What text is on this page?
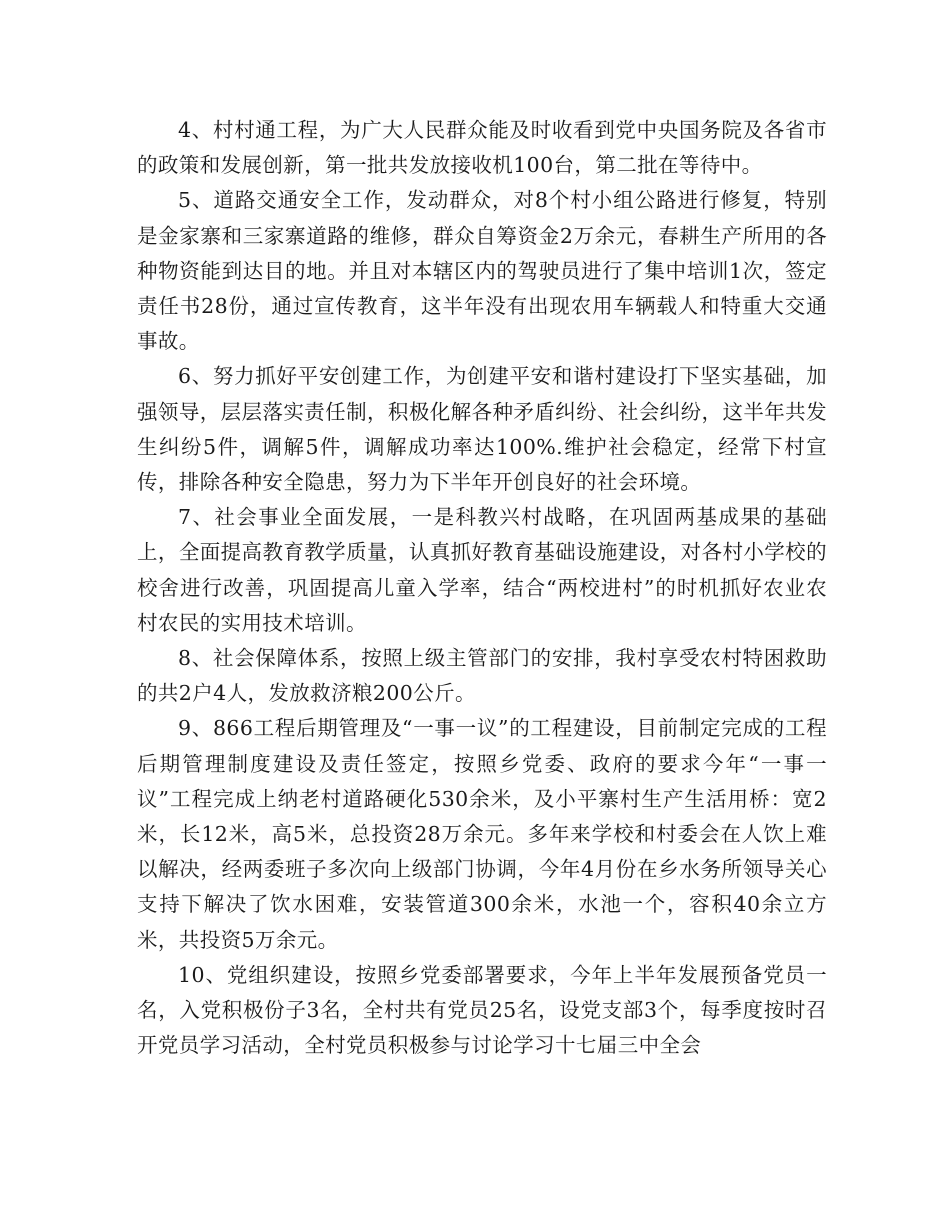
4、村村通工程，为广大人民群众能及时收看到党中央国务院及各省市的政策和发展创新，第一批共发放接收机100台，第二批在等待中。

5、道路交通安全工作，发动群众，对8个村小组公路进行修复，特别是金家寨和三家寨道路的维修，群众自筹资金2万余元，春耕生产所用的各种物资能到达目的地。并且对本辖区内的驾驶员进行了集中培训1次，签定责任书28份，通过宣传教育，这半年没有出现农用车辆载人和特重大交通事故。

6、努力抓好平安创建工作，为创建平安和谐村建设打下坚实基础，加强领导，层层落实责任制，积极化解各种矛盾纠纷、社会纠纷，这半年共发生纠纷5件，调解5件，调解成功率达100%.维护社会稳定，经常下村宣传，排除各种安全隐患，努力为下半年开创良好的社会环境。

7、社会事业全面发展，一是科教兴村战略，在巩固两基成果的基础上，全面提高教育教学质量，认真抓好教育基础设施建设，对各村小学校的校舍进行改善，巩固提高儿童入学率，结合“两校进村”的时机抓好农业农村农民的实用技术培训。

8、社会保障体系，按照上级主管部门的安排，我村享受农村特困救助的共2户4人，发放救济粮200公斤。

9、866工程后期管理及“一事一议”的工程建设，目前制定完成的工程后期管理制度建设及责任签定，按照乡党委、政府的要求今年“一事一议”工程完成上纳老村道路硬化530余米，及小平寨村生产生活用桥：宽2米，长12米，高5米，总投资28万余元。多年来学校和村委会在人饮上难以解决，经两委班子多次向上级部门协调，今年4月份在乡水务所领导关心支持下解决了饮水困难，安装管道300余米，水池一个，容积40余立方米，共投资5万余元。

10、党组织建设，按照乡党委部署要求，今年上半年发展预备党员一名，入党积极份子3名，全村共有党员25名，设党支部3个，每季度按时召开党员学习活动，全村党员积极参与讨论学习十七届三中全会
